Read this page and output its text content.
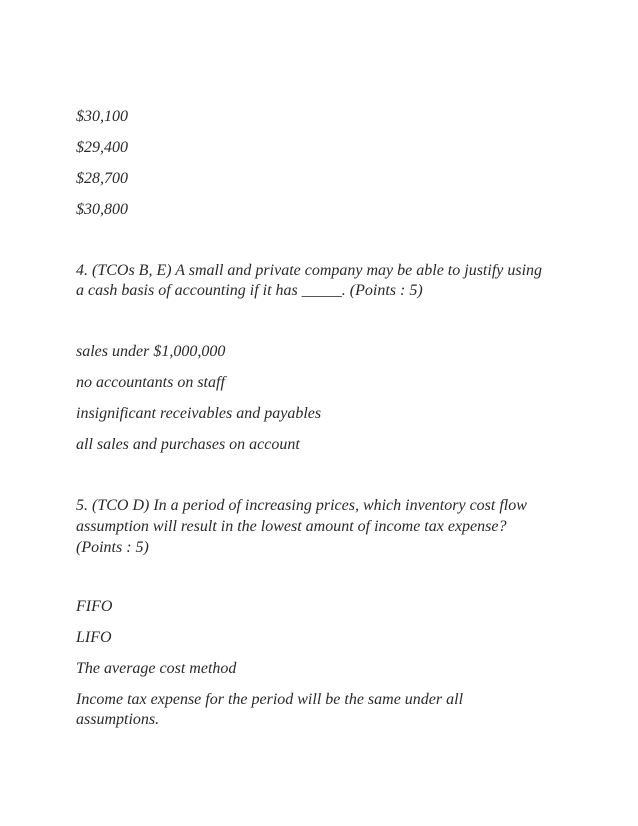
$30,100
$29,400
$28,700
$30,800
4. (TCOs B, E) A small and private company may be able to justify using
a cash basis of accounting if it has _____. (Points : 5)
sales under $1,000,000
no accountants on staff
insignificant receivables and payables
all sales and purchases on account
5. (TCO D) In a period of increasing prices, which inventory cost flow
assumption will result in the lowest amount of income tax expense?
(Points : 5)
FIFO
LIFO
The average cost method
Income tax expense for the period will be the same under all
assumptions.
